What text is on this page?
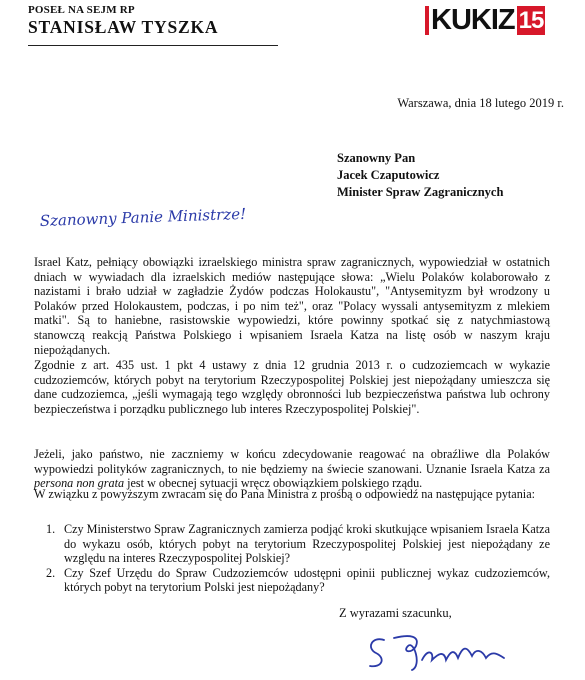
POSEŁ NA SEJM RP
STANISŁAW TYSZKA	KUKIZ 15
Warszawa, dnia 18 lutego 2019 r.
Szanowny Pan
Jacek Czaputowicz
Minister Spraw Zagranicznych
Szanowny Panie Ministrze!
Israel Katz, pełniący obowiązki izraelskiego ministra spraw zagranicznych, wypowiedział w ostatnich dniach w wywiadach dla izraelskich mediów następujące słowa: „Wielu Polaków kolaborowało z nazistami i brało udział w zagładzie Żydów podczas Holokaustu", "Antysemityzm był wrodzony u Polaków przed Holokaustem, podczas, i po nim też", oraz "Polacy wyssali antysemityzm z mlekiem matki". Są to haniebne, rasistowskie wypowiedzi, które powinny spotkać się z natychmiastową stanowczą reakcją Państwa Polskiego i wpisaniem Israela Katza na listę osób w naszym kraju niepożądanych.
Zgodnie z art. 435 ust. 1 pkt 4 ustawy z dnia 12 grudnia 2013 r. o cudzoziemcach w wykazie cudzoziemców, których pobyt na terytorium Rzeczypospolitej Polskiej jest niepożądany umieszcza się dane cudzoziemca, „jeśli wymagają tego względy obronności lub bezpieczeństwa państwa lub ochrony bezpieczeństwa i porządku publicznego lub interes Rzeczypospolitej Polskiej".
Jeżeli, jako państwo, nie zaczniemy w końcu zdecydowanie reagować na obraźliwe dla Polaków wypowiedzi polityków zagranicznych, to nie będziemy na świecie szanowani. Uznanie Israela Katza za persona non grata jest w obecnej sytuacji wręcz obowiązkiem polskiego rządu.
W związku z powyższym zwracam się do Pana Ministra z prośbą o odpowiedź na następujące pytania:
1. Czy Ministerstwo Spraw Zagranicznych zamierza podjąć kroki skutkujące wpisaniem Israela Katza do wykazu osób, których pobyt na terytorium Rzeczypospolitej Polskiej jest niepożądany ze względu na interes Rzeczypospolitej Polskiej?
2. Czy Szef Urzędu do Spraw Cudzoziemców udostępni opinii publicznej wykaz cudzoziemców, których pobyt na terytorium Polski jest niepożądany?
Z wyrazami szacunku,
